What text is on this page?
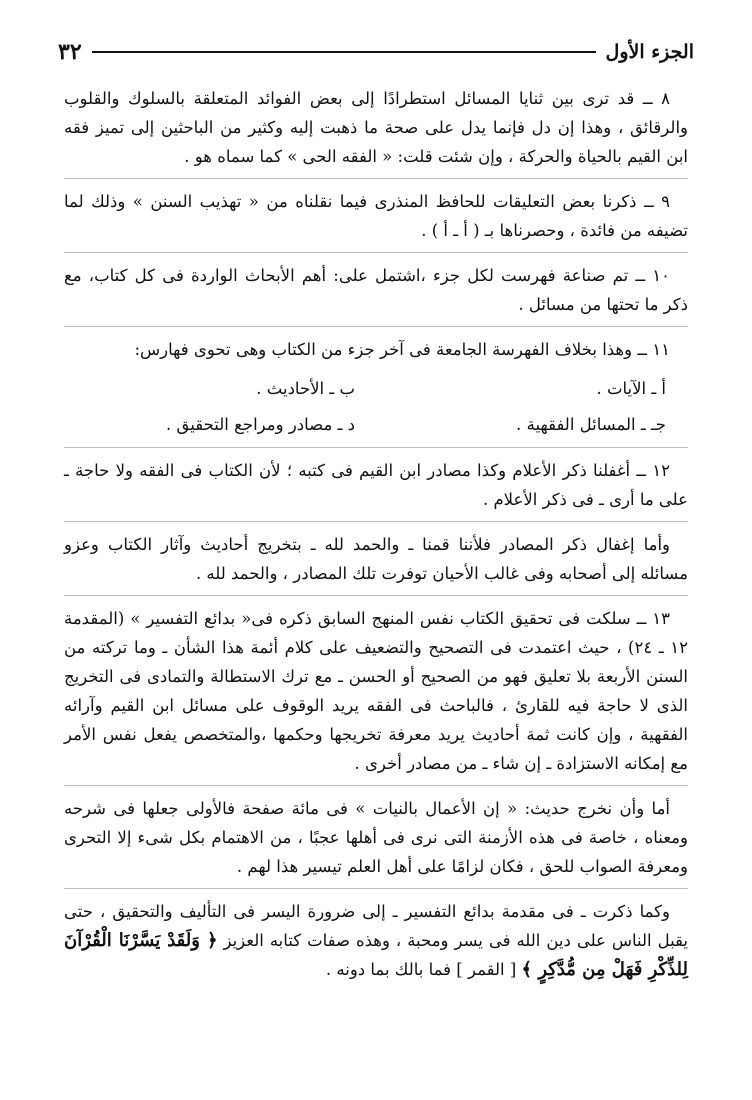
٣٢	الجزء الأول

٨ ــ قد ترى بين ثنايا المسائل استطرادًا إلى بعض الفوائد المتعلقة بالسلوك والقلوب والرقائق ، وهذا إن دل فإنما يدل على صحة ما ذهبت إليه وكثير من الباحثين إلى تميز فقه ابن القيم بالحياة والحركة ، وإن شئت قلت: « الفقه الحى » كما سماه هو .

٩ ــ ذكرنا بعض التعليقات للحافظ المنذرى فيما نقلناه من « تهذيب السنن » وذلك لما تضيفه من فائدة ، وحصرناها بـ ( أ ـ أ ) .

١٠ ــ تم صناعة فهرست لكل جزء ،اشتمل على: أهم الأبحاث الواردة فى كل كتاب، مع ذكر ما تحتها من مسائل .

١١ ــ وهذا بخلاف الفهرسة الجامعة فى آخر جزء من الكتاب وهى تحوى فهارس:

أ ـ الآيات .
ب ـ الأحاديث .
جـ ـ المسائل الفقهية .
د ـ مصادر ومراجع التحقيق .

١٢ ــ أغفلنا ذكر الأعلام وكذا مصادر ابن القيم فى كتبه ؛ لأن الكتاب فى الفقه ولا حاجة ـ على ما أرى ـ فى ذكر الأعلام .

وأما إغفال ذكر المصادر فلأننا قمنا ـ والحمد لله ـ بتخريج أحاديث وآثار الكتاب وعزو مسائله إلى أصحابه وفى غالب الأحيان توفرت تلك المصادر ، والحمد لله .

١٣ ــ سلكت فى تحقيق الكتاب نفس المنهج السابق ذكره فى« بدائع التفسير » (المقدمة ١٢ ـ ٢٤) ، حيث اعتمدت فى التصحيح والتضعيف على كلام أئمة هذا الشأن ـ وما تركته من السنن الأربعة بلا تعليق فهو من الصحيح أو الحسن ـ مع ترك الاستطالة والتمادى فى التخريج الذى لا حاجة فيه للقارئ ، فالباحث فى الفقه يريد الوقوف على مسائل ابن القيم وآرائه الفقهية ، وإن كانت ثمة أحاديث يريد معرفة تخريجها وحكمها ،والمتخصص يفعل نفس الأمر مع إمكانه الاستزادة ـ إن شاء ـ من مصادر أخرى .

أما وأن نخرج حديث: « إن الأعمال بالنيات » فى مائة صفحة فالأولى جعلها فى شرحه ومعناه ، خاصة فى هذه الأزمنة التى نرى فى أهلها عجبًا ، من الاهتمام بكل شىء إلا التحرى ومعرفة الصواب للحق ، فكان لزامًا على أهل العلم تيسير هذا لهم .

وكما ذكرت ـ فى مقدمة بدائع التفسير ـ إلى ضرورة اليسر فى التأليف والتحقيق ، حتى يقبل الناس على دين الله فى يسر ومحبة ، وهذه صفات كتابه العزيز ﴿ وَلَقَدْ يَسَّرْنَا الْقُرْآنَ لِلذِّكْرِ فَهَلْ مِن مُّدَّكِرٍ ﴾ [ القمر ] فما بالك بما دونه .
